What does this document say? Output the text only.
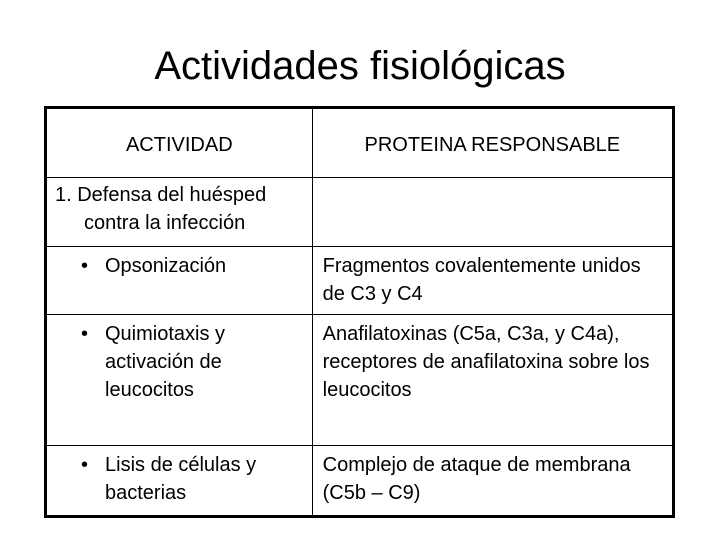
Actividades fisiológicas
ACTIVIDAD	PROTEINA RESPONSABLE

1. Defensa del huésped
contra la infección	

• Opsonización	Fragmentos covalentemente unidos de C3 y C4

• Quimiotaxis y activación de leucocitos	Anafilatoxinas (C5a, C3a, y C4a), receptores de anafilatoxina sobre los leucocitos

• Lisis de células y bacterias	Complejo de ataque de membrana (C5b – C9)
